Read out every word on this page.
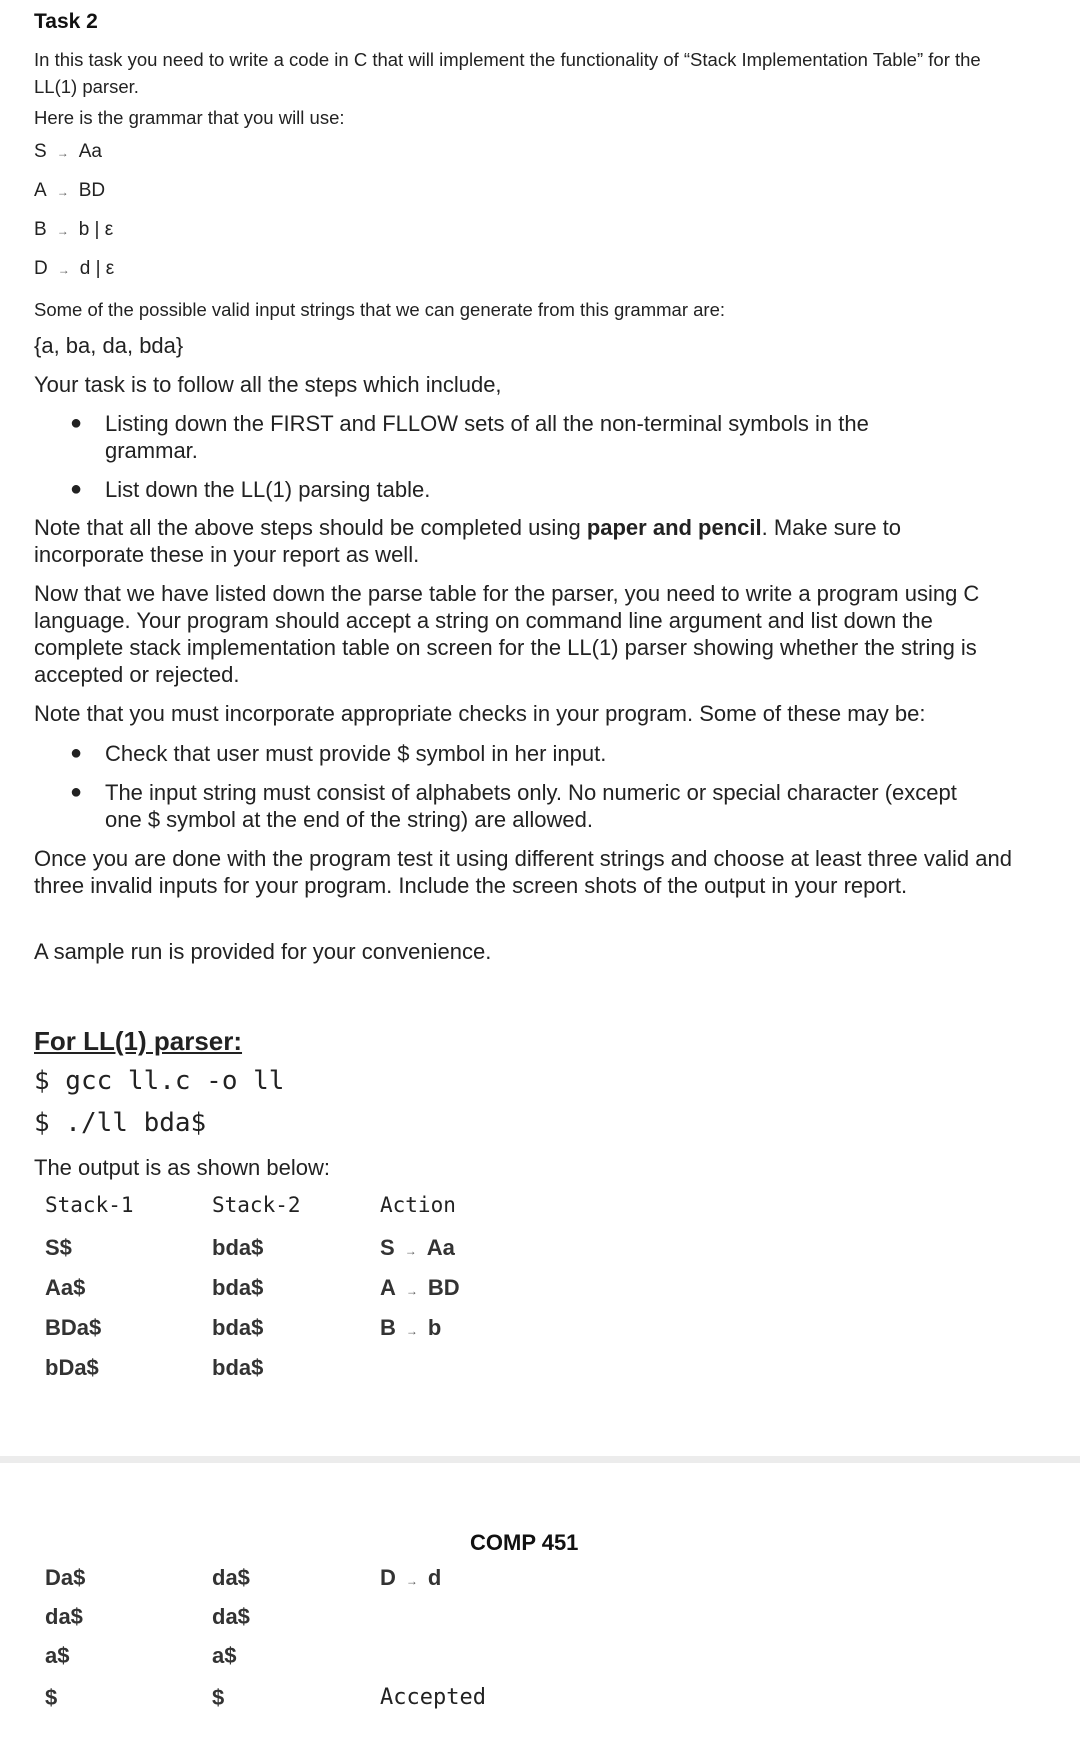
Task 2
In this task you need to write a code in C that will implement the functionality of “Stack Implementation Table” for the LL(1) parser.
Here is the grammar that you will use:
S → Aa
A → BD
B → b | ε
D → d | ε
Some of the possible valid input strings that we can generate from this grammar are:
{a, ba, da, bda}
Your task is to follow all the steps which include,
● Listing down the FIRST and FLLOW sets of all the non-terminal symbols in the grammar.
● List down the LL(1) parsing table.
Note that all the above steps should be completed using paper and pencil. Make sure to incorporate these in your report as well.
Now that we have listed down the parse table for the parser, you need to write a program using C language. Your program should accept a string on command line argument and list down the complete stack implementation table on screen for the LL(1) parser showing whether the string is accepted or rejected.
Note that you must incorporate appropriate checks in your program. Some of these may be:
● Check that user must provide $ symbol in her input.
● The input string must consist of alphabets only. No numeric or special character (except one $ symbol at the end of the string) are allowed.
Once you are done with the program test it using different strings and choose at least three valid and three invalid inputs for your program. Include the screen shots of the output in your report.
A sample run is provided for your convenience.
For LL(1) parser:
$ gcc ll.c -o ll
$ ./ll bda$
The output is as shown below:
Stack-1	Stack-2	Action
S$	bda$	S → Aa
Aa$	bda$	A → BD
BDa$	bda$	B → b
bDa$	bda$
COMP 451
Da$	da$	D → d
da$	da$
a$	a$
$	$	Accepted
